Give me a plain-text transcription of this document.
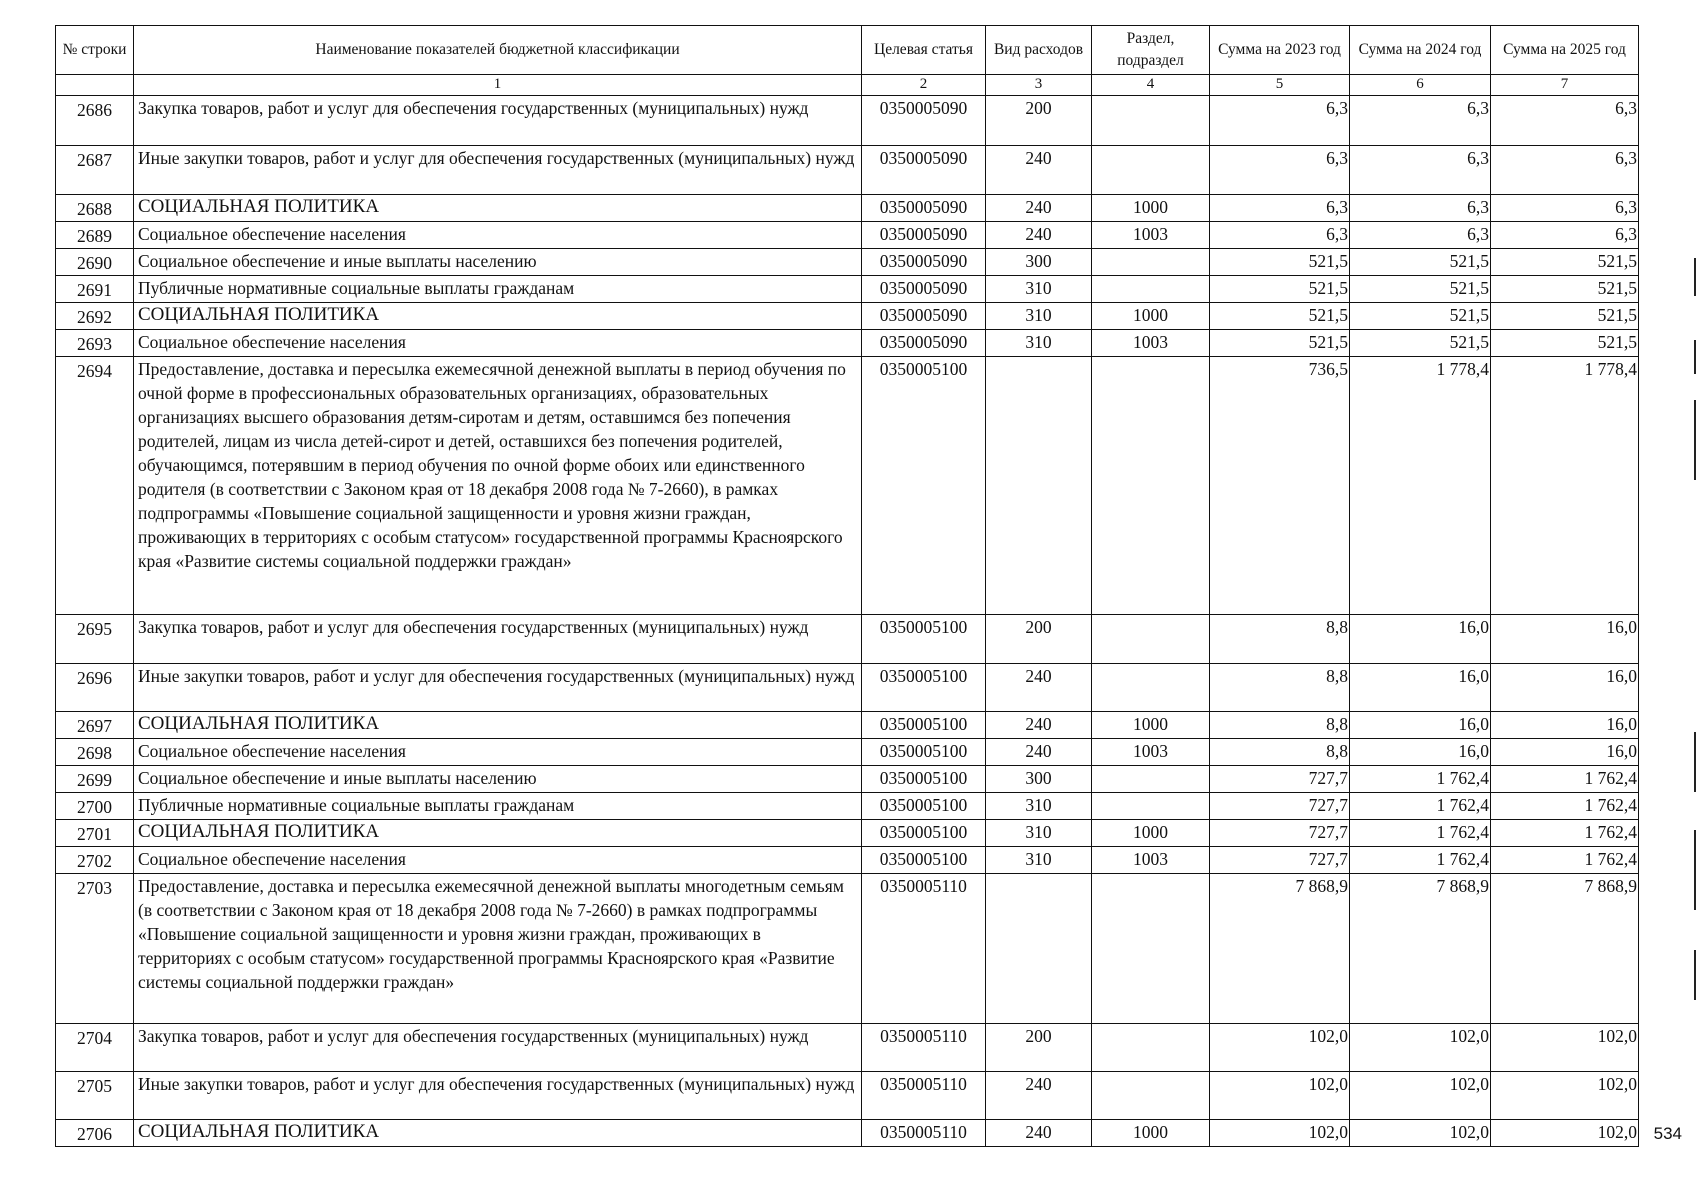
№ строки	Наименование показателей бюджетной классификации	Целевая статья	Вид расходов	Раздел, подраздел	Сумма на 2023 год	Сумма на 2024 год	Сумма на 2025 год
	1	2	3	4	5	6	7
2686	Закупка товаров, работ и услуг для обеспечения государственных (муниципальных) нужд	0350005090	200		6,3	6,3	6,3
2687	Иные закупки товаров, работ и услуг для обеспечения государственных (муниципальных) нужд	0350005090	240		6,3	6,3	6,3
2688	СОЦИАЛЬНАЯ ПОЛИТИКА	0350005090	240	1000	6,3	6,3	6,3
2689	Социальное обеспечение населения	0350005090	240	1003	6,3	6,3	6,3
2690	Социальное обеспечение и иные выплаты населению	0350005090	300		521,5	521,5	521,5
2691	Публичные нормативные социальные выплаты гражданам	0350005090	310		521,5	521,5	521,5
2692	СОЦИАЛЬНАЯ ПОЛИТИКА	0350005090	310	1000	521,5	521,5	521,5
2693	Социальное обеспечение населения	0350005090	310	1003	521,5	521,5	521,5
2694	Предоставление, доставка и пересылка ежемесячной денежной выплаты в период обучения по очной форме в профессиональных образовательных организациях, образовательных организациях высшего образования детям-сиротам и детям, оставшимся без попечения родителей, лицам из числа детей-сирот и детей, оставшихся без попечения родителей, обучающимся, потерявшим в период обучения по очной форме обоих или единственного родителя (в соответствии с Законом края от 18 декабря 2008 года № 7-2660), в рамках подпрограммы «Повышение социальной защищенности и уровня жизни граждан, проживающих в территориях с особым статусом» государственной программы Красноярского края «Развитие системы социальной поддержки граждан»	0350005100			736,5	1 778,4	1 778,4
2695	Закупка товаров, работ и услуг для обеспечения государственных (муниципальных) нужд	0350005100	200		8,8	16,0	16,0
2696	Иные закупки товаров, работ и услуг для обеспечения государственных (муниципальных) нужд	0350005100	240		8,8	16,0	16,0
2697	СОЦИАЛЬНАЯ ПОЛИТИКА	0350005100	240	1000	8,8	16,0	16,0
2698	Социальное обеспечение населения	0350005100	240	1003	8,8	16,0	16,0
2699	Социальное обеспечение и иные выплаты населению	0350005100	300		727,7	1 762,4	1 762,4
2700	Публичные нормативные социальные выплаты гражданам	0350005100	310		727,7	1 762,4	1 762,4
2701	СОЦИАЛЬНАЯ ПОЛИТИКА	0350005100	310	1000	727,7	1 762,4	1 762,4
2702	Социальное обеспечение населения	0350005100	310	1003	727,7	1 762,4	1 762,4
2703	Предоставление, доставка и пересылка ежемесячной денежной выплаты многодетным семьям (в соответствии с Законом края от 18 декабря 2008 года № 7-2660) в рамках подпрограммы «Повышение социальной защищенности и уровня жизни граждан, проживающих в территориях с особым статусом» государственной программы Красноярского края «Развитие системы социальной поддержки граждан»	0350005110			7 868,9	7 868,9	7 868,9
2704	Закупка товаров, работ и услуг для обеспечения государственных (муниципальных) нужд	0350005110	200		102,0	102,0	102,0
2705	Иные закупки товаров, работ и услуг для обеспечения государственных (муниципальных) нужд	0350005110	240		102,0	102,0	102,0
2706	СОЦИАЛЬНАЯ ПОЛИТИКА	0350005110	240	1000	102,0	102,0	102,0 534
